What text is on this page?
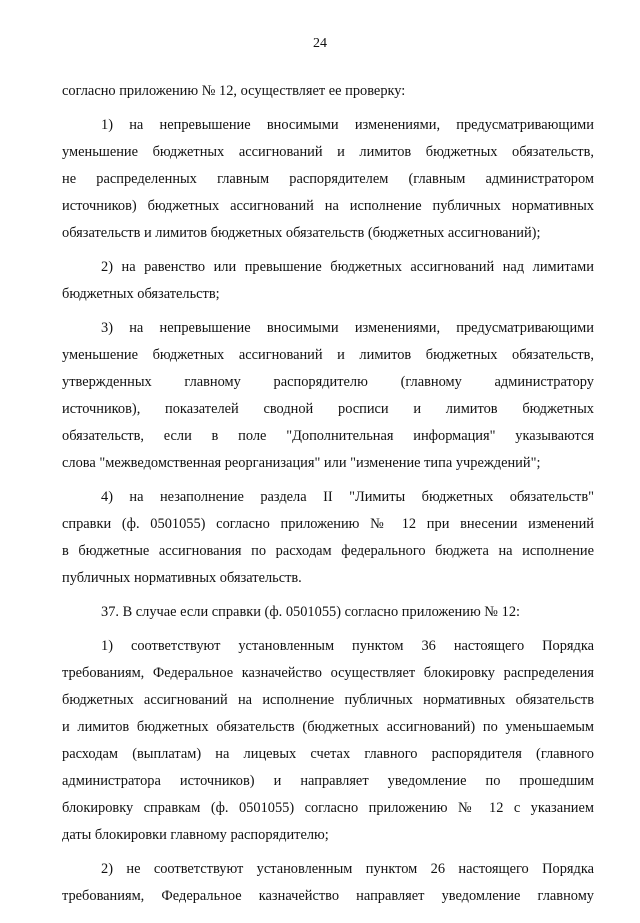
24
согласно приложению № 12, осуществляет ее проверку:
1) на непревышение вносимыми изменениями, предусматривающими
уменьшение бюджетных ассигнований и лимитов бюджетных обязательств,
не распределенных главным распорядителем (главным администратором
источников) бюджетных ассигнований на исполнение публичных нормативных
обязательств и лимитов бюджетных обязательств (бюджетных ассигнований);
2) на равенство или превышение бюджетных ассигнований над лимитами
бюджетных обязательств;
3) на непревышение вносимыми изменениями, предусматривающими
уменьшение бюджетных ассигнований и лимитов бюджетных обязательств,
утвержденных главному распорядителю (главному администратору
источников), показателей сводной росписи и лимитов бюджетных
обязательств, если в поле "Дополнительная информация" указываются
слова "межведомственная реорганизация" или "изменение типа учреждений";
4) на незаполнение раздела II "Лимиты бюджетных обязательств"
справки (ф. 0501055) согласно приложению № 12 при внесении изменений
в бюджетные ассигнования по расходам федерального бюджета на исполнение
публичных нормативных обязательств.
37. В случае если справки (ф. 0501055) согласно приложению № 12:
1) соответствуют установленным пунктом 36 настоящего Порядка
требованиям, Федеральное казначейство осуществляет блокировку распределения
бюджетных ассигнований на исполнение публичных нормативных обязательств
и лимитов бюджетных обязательств (бюджетных ассигнований) по уменьшаемым
расходам (выплатам) на лицевых счетах главного распорядителя (главного
администратора источников) и направляет уведомление по прошедшим
блокировку справкам (ф. 0501055) согласно приложению № 12 с указанием
даты блокировки главному распорядителю;
2) не соответствуют установленным пунктом 26 настоящего Порядка
требованиям, Федеральное казначейство направляет уведомление главному
